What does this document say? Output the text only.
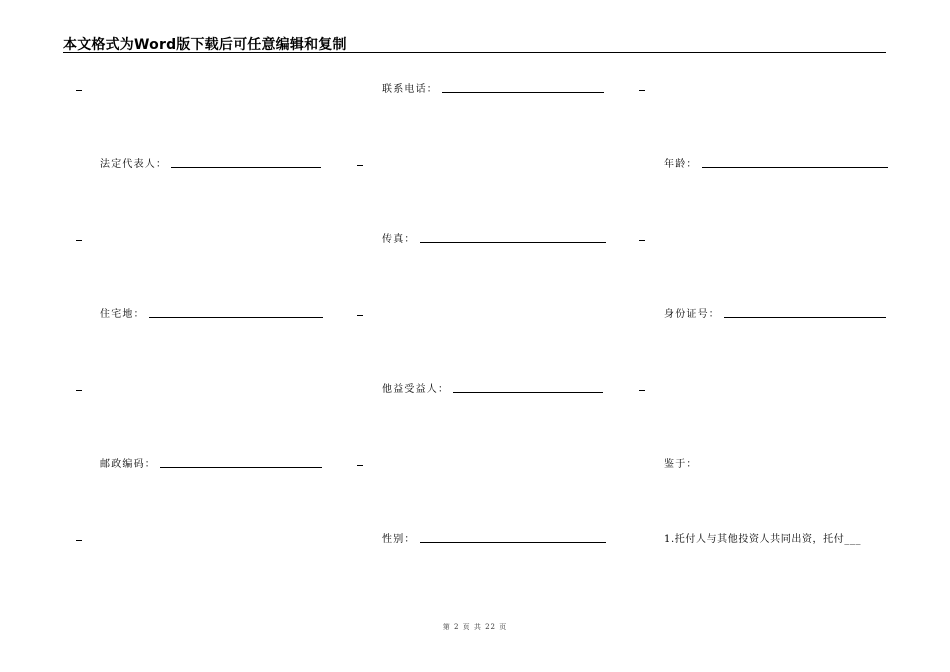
本文格式为Word版下载后可任意编辑和复制
联系电话：
传真：
他益受益人：
性别：
法定代表人：
住宅地：
邮政编码：
年龄：
身份证号：
鉴于：
1.托付人与其他投资人共同出资，托付___
第 2 页 共 22 页
